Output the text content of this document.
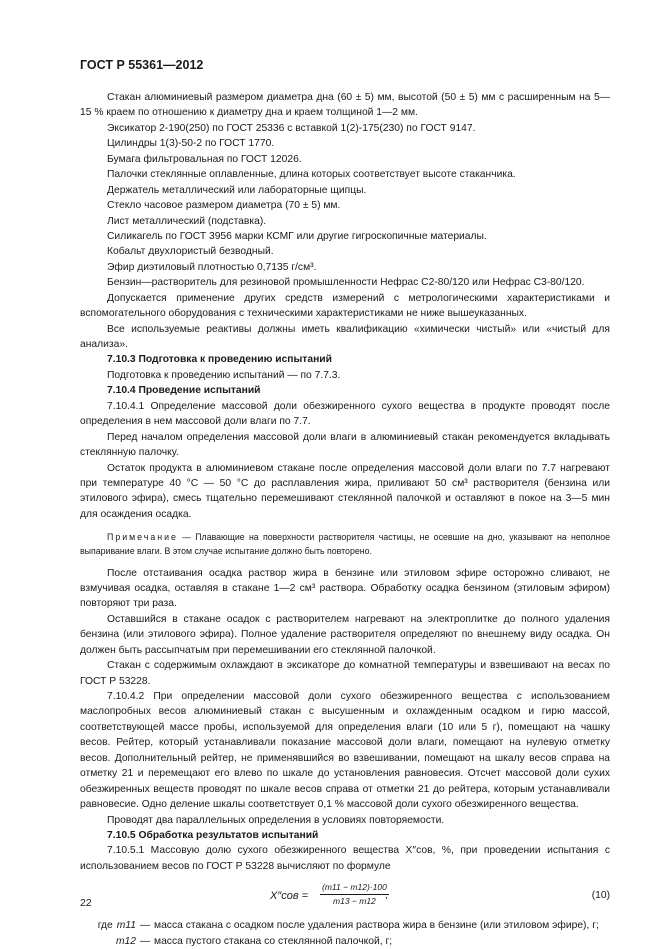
ГОСТ Р 55361—2012

Стакан алюминиевый размером диаметра дна (60 ± 5) мм, высотой (50 ± 5) мм с расширенным на 5—15 % краем по отношению к диаметру дна и краем толщиной 1—2 мм.

Эксикатор 2-190(250) по ГОСТ 25336 с вставкой 1(2)-175(230) по ГОСТ 9147.

Цилиндры 1(3)-50-2 по ГОСТ 1770.

Бумага фильтровальная по ГОСТ 12026.

Палочки стеклянные оплавленные, длина которых соответствует высоте стаканчика.

Держатель металлический или лабораторные щипцы.

Стекло часовое размером диаметра (70 ± 5) мм.

Лист металлический (подставка).

Силикагель по ГОСТ 3956 марки КСМГ или другие гигроскопичные материалы.

Кобальт двухлористый безводный.

Эфир диэтиловый плотностью 0,7135 г/см³.

Бензин—растворитель для резиновой промышленности Нефрас С2-80/120 или Нефрас С3-80/120.

Допускается применение других средств измерений с метрологическими характеристиками и вспомогательного оборудования с техническими характеристиками не ниже вышеуказанных.

Все используемые реактивы должны иметь квалификацию «химически чистый» или «чистый для анализа».

7.10.3 Подготовка к проведению испытаний

Подготовка к проведению испытаний — по 7.7.3.

7.10.4 Проведение испытаний

7.10.4.1 Определение массовой доли обезжиренного сухого вещества в продукте проводят после определения в нем массовой доли влаги по 7.7.

Перед началом определения массовой доли влаги в алюминиевый стакан рекомендуется вкладывать стеклянную палочку.

Остаток продукта в алюминиевом стакане после определения массовой доли влаги по 7.7 нагревают при температуре 40 °С — 50 °С до расплавления жира, приливают 50 см³ растворителя (бензина или этилового эфира), смесь тщательно перемешивают стеклянной палочкой и оставляют в покое на 3—5 мин для осаждения осадка.

Примечание — Плавающие на поверхности растворителя частицы, не осевшие на дно, указывают на неполное выпаривание влаги. В этом случае испытание должно быть повторено.

После отстаивания осадка раствор жира в бензине или этиловом эфире осторожно сливают, не взмучивая осадка, оставляя в стакане 1—2 см³ раствора. Обработку осадка бензином (этиловым эфиром) повторяют три раза.

Оставшийся в стакане осадок с растворителем нагревают на электроплитке до полного удаления бензина (или этилового эфира). Полное удаление растворителя определяют по внешнему виду осадка. Он должен быть рассыпчатым при перемешивании его стеклянной палочкой.

Стакан с содержимым охлаждают в эксикаторе до комнатной температуры и взвешивают на весах по ГОСТ Р 53228.

7.10.4.2 При определении массовой доли сухого обезжиренного вещества с использованием маслопробных весов алюминиевый стакан с высушенным и охлажденным осадком и гирю массой, соответствующей массе пробы, используемой для определения влаги (10 или 5 г), помещают на чашку весов. Рейтер, который устанавливали показание массовой доли влаги, помещают на нулевую отметку весов. Дополнительный рейтер, не применявшийся во взвешивании, помещают на шкалу весов справа на отметку 21 и перемещают его влево по шкале до установления равновесия. Отсчет массовой доли сухих обезжиренных веществ проводят по шкале весов справа от отметки 21 до рейтера, которым устанавливали равновесие. Одно деление шкалы соответствует 0,1 % массовой доли сухого обезжиренного вещества.

Проводят два параллельных определения в условиях повторяемости.

7.10.5 Обработка результатов испытаний

7.10.5.1 Массовую долю сухого обезжиренного вещества X″сов, %, при проведении испытания с использованием весов по ГОСТ Р 53228 вычисляют по формуле

$X''сов = \frac{(m11 - m12)\cdot 100}{m13 - m12}$
,	(10)
где m11 — масса стакана с осадком после удаления раствора жира в бензине (или этиловом эфире), г;
m12 — масса пустого стакана со стеклянной палочкой, г;
22
